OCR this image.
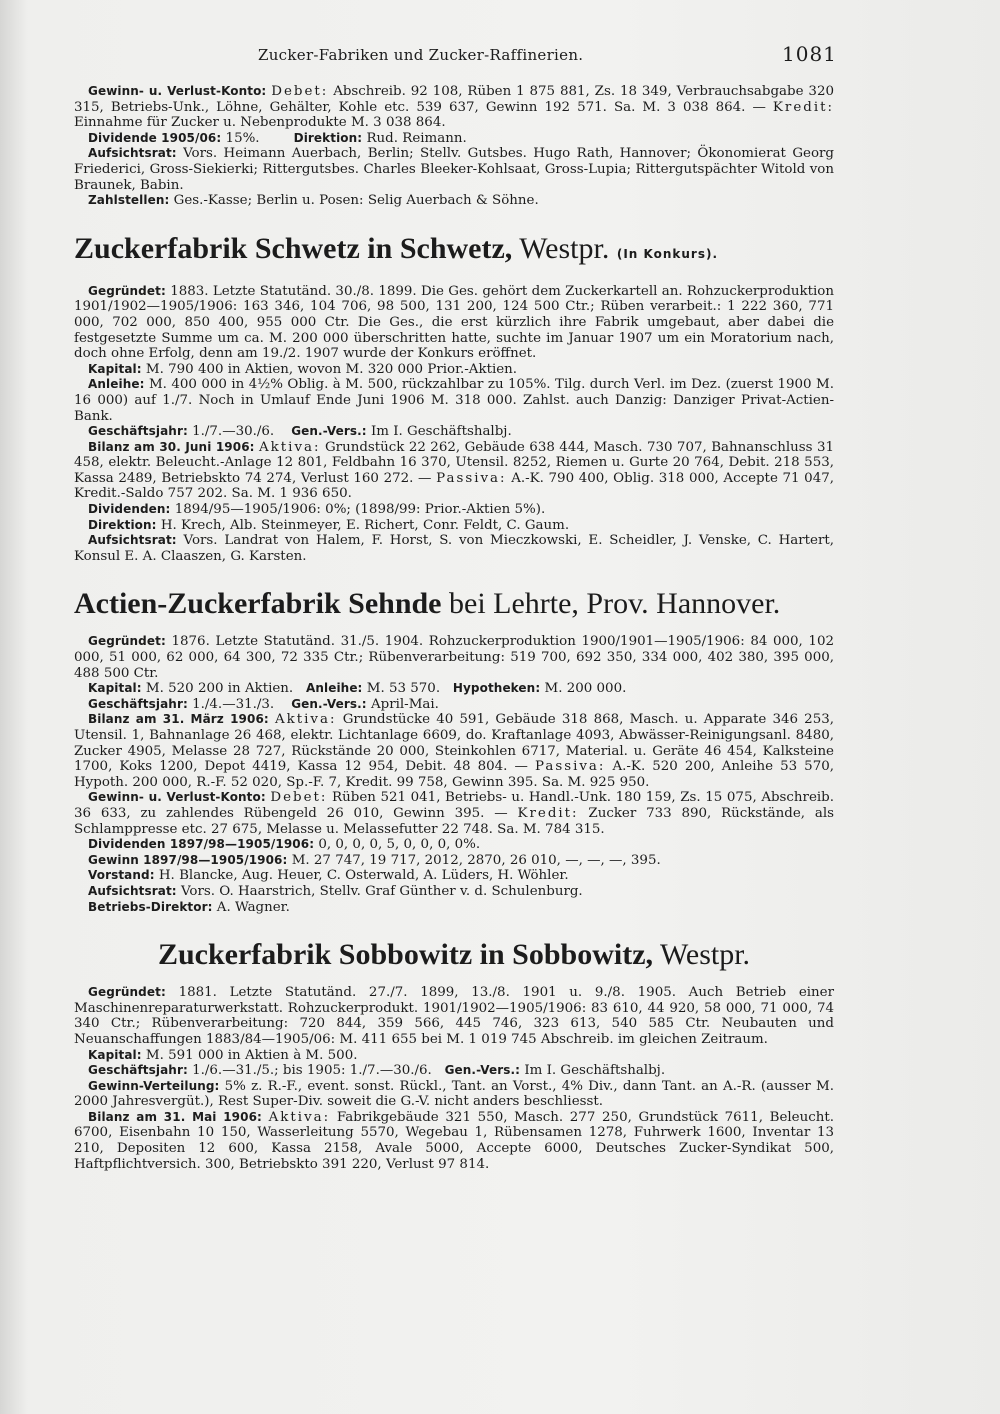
Zucker-Fabriken und Zucker-Raffinerien.	1081

Gewinn- u. Verlust-Konto: Debet: Abschreib. 92 108, Rüben 1 875 881, Zs. 18 349, Verbrauchsabgabe 320 315, Betriebs-Unk., Löhne, Gehälter, Kohle etc. 539 637, Gewinn 192 571. Sa. M. 3 038 864. — Kredit: Einnahme für Zucker u. Nebenprodukte M. 3 038 864.

Dividende 1905/06: 15%.	Direktion: Rud. Reimann.

Aufsichtsrat: Vors. Heimann Auerbach, Berlin; Stellv. Gutsbes. Hugo Rath, Hannover; Ökonomierat Georg Friederici, Gross-Siekierki; Rittergutsbes. Charles Bleeker-Kohlsaat, Gross-Lupia; Rittergutspächter Witold von Braunek, Babin.

Zahlstellen: Ges.-Kasse; Berlin u. Posen: Selig Auerbach & Söhne.

Zuckerfabrik Schwetz in Schwetz, Westpr. (In Konkurs).

Gegründet: 1883. Letzte Statutänd. 30./8. 1899. Die Ges. gehört dem Zuckerkartell an. Rohzuckerproduktion 1901/1902—1905/1906: 163 346, 104 706, 98 500, 131 200, 124 500 Ctr.; Rüben verarbeit.: 1 222 360, 771 000, 702 000, 850 400, 955 000 Ctr. Die Ges., die erst kürzlich ihre Fabrik umgebaut, aber dabei die festgesetzte Summe um ca. M. 200 000 überschritten hatte, suchte im Januar 1907 um ein Moratorium nach, doch ohne Erfolg, denn am 19./2. 1907 wurde der Konkurs eröffnet.

Kapital: M. 790 400 in Aktien, wovon M. 320 000 Prior.-Aktien.

Anleihe: M. 400 000 in 4½% Oblig. à M. 500, rückzahlbar zu 105%. Tilg. durch Verl. im Dez. (zuerst 1900 M. 16 000) auf 1./7. Noch in Umlauf Ende Juni 1906 M. 318 000. Zahlst. auch Danzig: Danziger Privat-Actien-Bank.

Geschäftsjahr: 1./7.—30./6. Gen.-Vers.: Im I. Geschäftshalbj.

Bilanz am 30. Juni 1906: Aktiva: Grundstück 22 262, Gebäude 638 444, Masch. 730 707, Bahnanschluss 31 458, elektr. Beleucht.-Anlage 12 801, Feldbahn 16 370, Utensil. 8252, Riemen u. Gurte 20 764, Debit. 218 553, Kassa 2489, Betriebskto 74 274, Verlust 160 272. — Passiva: A.-K. 790 400, Oblig. 318 000, Accepte 71 047, Kredit.-Saldo 757 202. Sa. M. 1 936 650.

Dividenden: 1894/95—1905/1906: 0%; (1898/99: Prior.-Aktien 5%).

Direktion: H. Krech, Alb. Steinmeyer, E. Richert, Conr. Feldt, C. Gaum.

Aufsichtsrat: Vors. Landrat von Halem, F. Horst, S. von Mieczkowski, E. Scheidler, J. Venske, C. Hartert, Konsul E. A. Claaszen, G. Karsten.

Actien-Zuckerfabrik Sehnde bei Lehrte, Prov. Hannover.

Gegründet: 1876. Letzte Statutänd. 31./5. 1904. Rohzuckerproduktion 1900/1901—1905/1906: 84 000, 102 000, 51 000, 62 000, 64 300, 72 335 Ctr.; Rübenverarbeitung: 519 700, 692 350, 334 000, 402 380, 395 000, 488 500 Ctr.

Kapital: M. 520 200 in Aktien. Anleihe: M. 53 570. Hypotheken: M. 200 000.

Geschäftsjahr: 1./4.—31./3. Gen.-Vers.: April-Mai.

Bilanz am 31. März 1906: Aktiva: Grundstücke 40 591, Gebäude 318 868, Masch. u. Apparate 346 253, Utensil. 1, Bahnanlage 26 468, elektr. Lichtanlage 6609, do. Kraftanlage 4093, Abwässer-Reinigungsanl. 8480, Zucker 4905, Melasse 28 727, Rückstände 20 000, Steinkohlen 6717, Material. u. Geräte 46 454, Kalksteine 1700, Koks 1200, Depot 4419, Kassa 12 954, Debit. 48 804. — Passiva: A.-K. 520 200, Anleihe 53 570, Hypoth. 200 000, R.-F. 52 020, Sp.-F. 7, Kredit. 99 758, Gewinn 395. Sa. M. 925 950.

Gewinn- u. Verlust-Konto: Debet: Rüben 521 041, Betriebs- u. Handl.-Unk. 180 159, Zs. 15 075, Abschreib. 36 633, zu zahlendes Rübengeld 26 010, Gewinn 395. — Kredit: Zucker 733 890, Rückstände, als Schlamppresse etc. 27 675, Melasse u. Melassefutter 22 748. Sa. M. 784 315.

Dividenden 1897/98—1905/1906: 0, 0, 0, 0, 5, 0, 0, 0, 0%.

Gewinn 1897/98—1905/1906: M. 27 747, 19 717, 2012, 2870, 26 010, —, —, —, 395.

Vorstand: H. Blancke, Aug. Heuer, C. Osterwald, A. Lüders, H. Wöhler.

Aufsichtsrat: Vors. O. Haarstrich, Stellv. Graf Günther v. d. Schulenburg.

Betriebs-Direktor: A. Wagner.

Zuckerfabrik Sobbowitz in Sobbowitz, Westpr.

Gegründet: 1881. Letzte Statutänd. 27./7. 1899, 13./8. 1901 u. 9./8. 1905. Auch Betrieb einer Maschinenreparaturwerkstatt. Rohzuckerprodukt. 1901/1902—1905/1906: 83 610, 44 920, 58 000, 71 000, 74 340 Ctr.; Rübenverarbeitung: 720 844, 359 566, 445 746, 323 613, 540 585 Ctr. Neubauten und Neuanschaffungen 1883/84—1905/06: M. 411 655 bei M. 1 019 745 Abschreib. im gleichen Zeitraum.

Kapital: M. 591 000 in Aktien à M. 500.

Geschäftsjahr: 1./6.—31./5.; bis 1905: 1./7.—30./6. Gen.-Vers.: Im I. Geschäftshalbj.

Gewinn-Verteilung: 5% z. R.-F., event. sonst. Rückl., Tant. an Vorst., 4% Div., dann Tant. an A.-R. (ausser M. 2000 Jahresvergüt.), Rest Super-Div. soweit die G.-V. nicht anders beschliesst.

Bilanz am 31. Mai 1906: Aktiva: Fabrikgebäude 321 550, Masch. 277 250, Grundstück 7611, Beleucht. 6700, Eisenbahn 10 150, Wasserleitung 5570, Wegebau 1, Rübensamen 1278, Fuhrwerk 1600, Inventar 13 210, Depositen 12 600, Kassa 2158, Avale 5000, Accepte 6000, Deutsches Zucker-Syndikat 500, Haftpflichtversich. 300, Betriebskto 391 220, Verlust 97 814.
